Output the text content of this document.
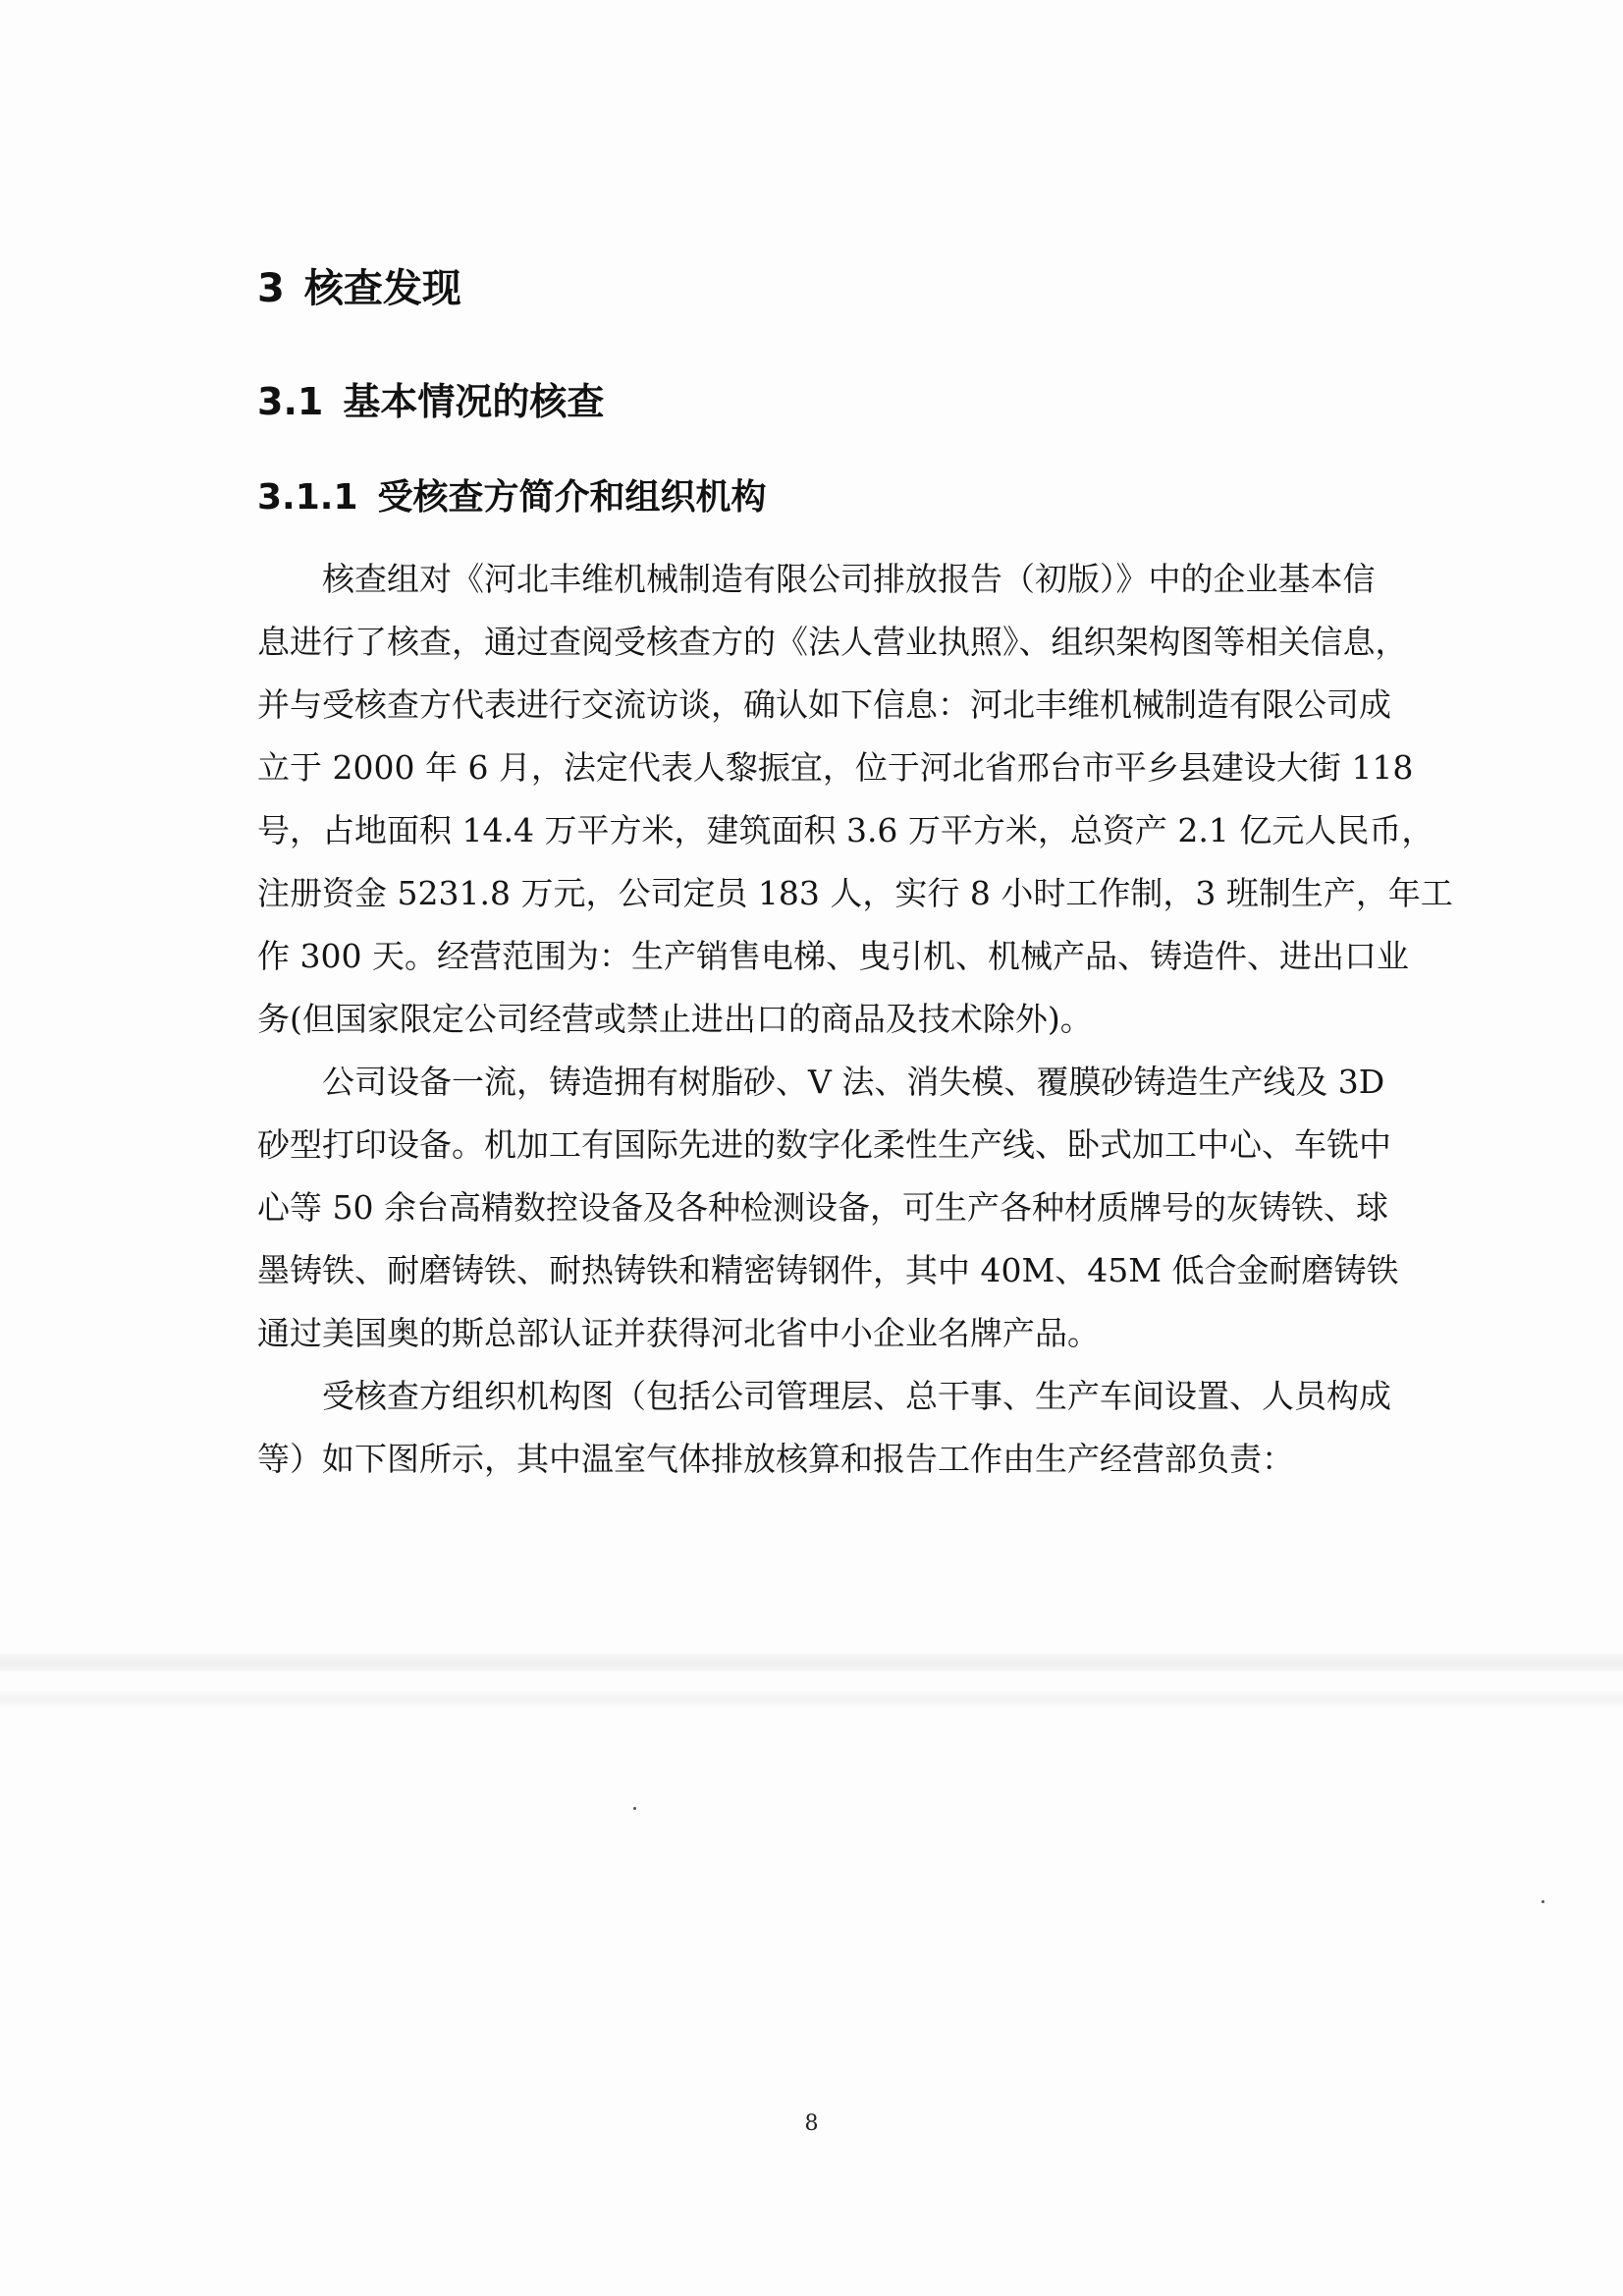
3 核查发现
3.1 基本情况的核查
3.1.1 受核查方简介和组织机构
核查组对《河北丰维机械制造有限公司排放报告（初版）》中的企业基本信
息进行了核查，通过查阅受核查方的《法人营业执照》、组织架构图等相关信息，
并与受核查方代表进行交流访谈，确认如下信息：河北丰维机械制造有限公司成
立于 2000 年 6 月，法定代表人黎振宜，位于河北省邢台市平乡县建设大街 118
号，占地面积 14.4 万平方米，建筑面积 3.6 万平方米，总资产 2.1 亿元人民币，
注册资金 5231.8 万元，公司定员 183 人，实行 8 小时工作制，3 班制生产，年工
作 300 天。经营范围为：生产销售电梯、曳引机、机械产品、铸造件、进出口业
务(但国家限定公司经营或禁止进出口的商品及技术除外)。
公司设备一流，铸造拥有树脂砂、V 法、消失模、覆膜砂铸造生产线及 3D
砂型打印设备。机加工有国际先进的数字化柔性生产线、卧式加工中心、车铣中
心等 50 余台高精数控设备及各种检测设备，可生产各种材质牌号的灰铸铁、球
墨铸铁、耐磨铸铁、耐热铸铁和精密铸钢件，其中 40M、45M 低合金耐磨铸铁
通过美国奥的斯总部认证并获得河北省中小企业名牌产品。
受核查方组织机构图（包括公司管理层、总干事、生产车间设置、人员构成
等）如下图所示，其中温室气体排放核算和报告工作由生产经营部负责：
8
